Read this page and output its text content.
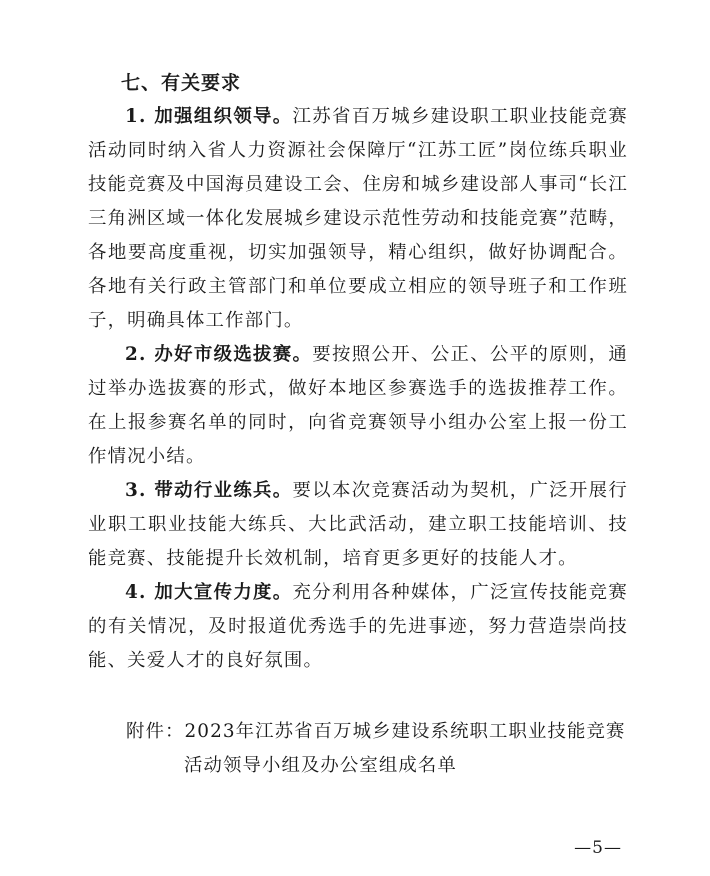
七、有关要求

1. 加强组织领导。江苏省百万城乡建设职工职业技能竞赛活动同时纳入省人力资源社会保障厅“江苏工匠”岗位练兵职业技能竞赛及中国海员建设工会、住房和城乡建设部人事司“长江三角洲区域一体化发展城乡建设示范性劳动和技能竞赛”范畴，各地要高度重视，切实加强领导，精心组织，做好协调配合。各地有关行政主管部门和单位要成立相应的领导班子和工作班子，明确具体工作部门。

2. 办好市级选拔赛。要按照公开、公正、公平的原则，通过举办选拔赛的形式，做好本地区参赛选手的选拔推荐工作。在上报参赛名单的同时，向省竞赛领导小组办公室上报一份工作情况小结。

3. 带动行业练兵。要以本次竞赛活动为契机，广泛开展行业职工职业技能大练兵、大比武活动，建立职工技能培训、技能竞赛、技能提升长效机制，培育更多更好的技能人才。

4. 加大宣传力度。充分利用各种媒体，广泛宣传技能竞赛的有关情况，及时报道优秀选手的先进事迹，努力营造崇尚技能、关爱人才的良好氛围。

附件：2023年江苏省百万城乡建设系统职工职业技能竞赛
活动领导小组及办公室组成名单
—5—
